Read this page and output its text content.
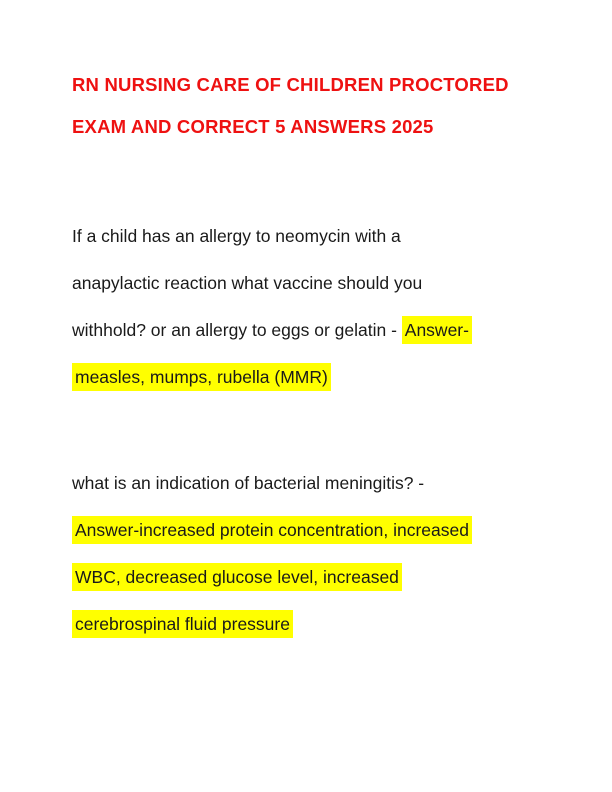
RN NURSING CARE OF CHILDREN PROCTORED
EXAM AND CORRECT 5 ANSWERS 2025
If a child has an allergy to neomycin with a
anapylactic reaction what vaccine should you
withhold? or an allergy to eggs or gelatin - Answer-
measles, mumps, rubella (MMR)
what is an indication of bacterial meningitis? -
Answer-increased protein concentration, increased
WBC, decreased glucose level, increased
cerebrospinal fluid pressure
